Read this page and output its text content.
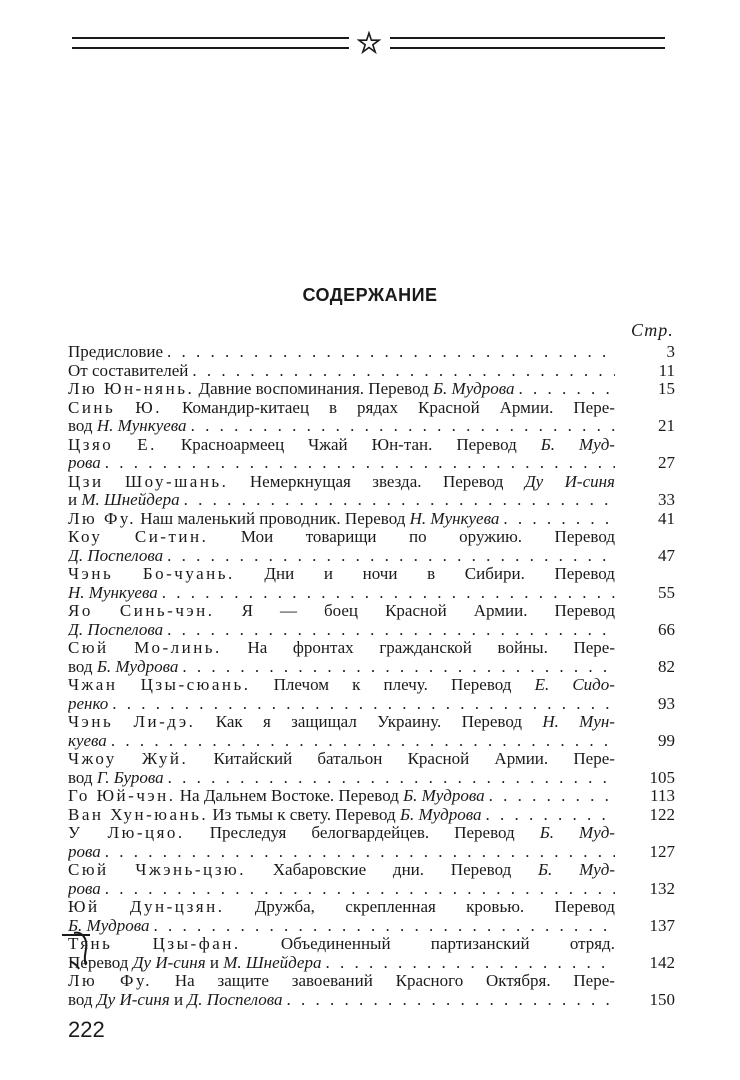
СОДЕРЖАНИЕ
Стр.
Предисловие . . .	3
От составителей . . .	11
Лю Юн-нянь. Давние воспоминания. Перевод Б. Мудрова . . .	15
Синь Ю. Командир-китаец в рядах Красной Армии. Пере-
вод Н. Мункуева . . .	21
Цзяо Е. Красноармеец Чжай Юн-тан. Перевод Б. Муд-
рова . . .	27
Цзи Шоу-шань. Немеркнущая звезда. Перевод Ду И-синя
и М. Шнейдера . . .	33
Лю Фу. Наш маленький проводник. Перевод Н. Мункуева . . .	41
Коу Си-тин. Мои товарищи по оружию. Перевод
Д. Поспелова . . .	47
Чэнь Бо-чуань. Дни и ночи в Сибири. Перевод
Н. Мункуева . . .	55
Яо Синь-чэн. Я — боец Красной Армии. Перевод
Д. Поспелова . . .	66
Сюй Мо-линь. На фронтах гражданской войны. Пере-
вод Б. Мудрова . . .	82
Чжан Цзы-сюань. Плечом к плечу. Перевод Е. Сидо-
ренко . . .	93
Чэнь Ли-дэ. Как я защищал Украину. Перевод Н. Мун-
куева . . .	99
Чжоу Жуй. Китайский батальон Красной Армии. Пере-
вод Г. Бурова . . .	105
Го Юй-чэн. На Дальнем Востоке. Перевод Б. Мудрова . . .	113
Ван Хун-юань. Из тьмы к свету. Перевод Б. Мудрова . . .	122
У Лю-цяо. Преследуя белогвардейцев. Перевод Б. Муд-
рова . . .	127
Сюй Чжэнь-цзю. Хабаровские дни. Перевод Б. Муд-
рова . . .	132
Юй Дун-цзян. Дружба, скрепленная кровью. Перевод
Б. Мудрова . . .	137
Тянь Цзы-фан. Объединенный партизанский отряд.
Перевод Ду И-синя и М. Шнейдера . . .	142
Лю Фу. На защите завоеваний Красного Октября. Пере-
вод Ду И-синя и Д. Поспелова . . .	150
222
